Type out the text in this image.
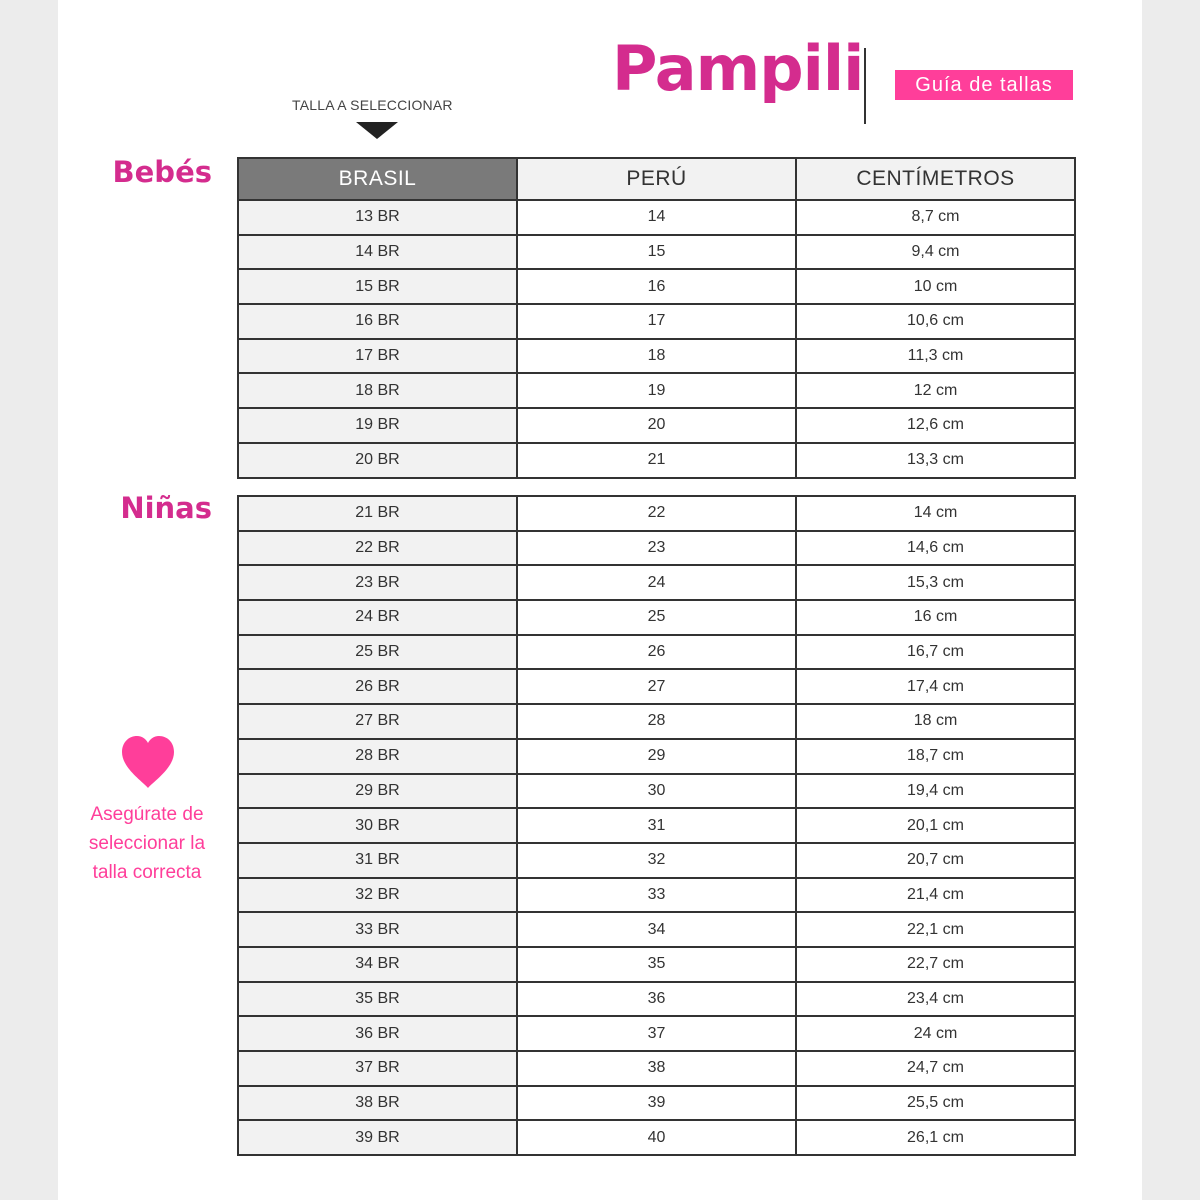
Pampili	Guía de tallas
TALLA A SELECCIONAR
Bebés
Niñas
Asegúrate de
seleccionar la
talla correcta
BRASIL	PERÚ	CENTÍMETROS
13 BR	14	8,7 cm
14 BR	15	9,4 cm
15 BR	16	10 cm
16 BR	17	10,6 cm
17 BR	18	11,3 cm
18 BR	19	12 cm
19 BR	20	12,6 cm
20 BR	21	13,3 cm
21 BR	22	14 cm
22 BR	23	14,6 cm
23 BR	24	15,3 cm
24 BR	25	16 cm
25 BR	26	16,7 cm
26 BR	27	17,4 cm
27 BR	28	18 cm
28 BR	29	18,7 cm
29 BR	30	19,4 cm
30 BR	31	20,1 cm
31 BR	32	20,7 cm
32 BR	33	21,4 cm
33 BR	34	22,1 cm
34 BR	35	22,7 cm
35 BR	36	23,4 cm
36 BR	37	24 cm
37 BR	38	24,7 cm
38 BR	39	25,5 cm
39 BR	40	26,1 cm
